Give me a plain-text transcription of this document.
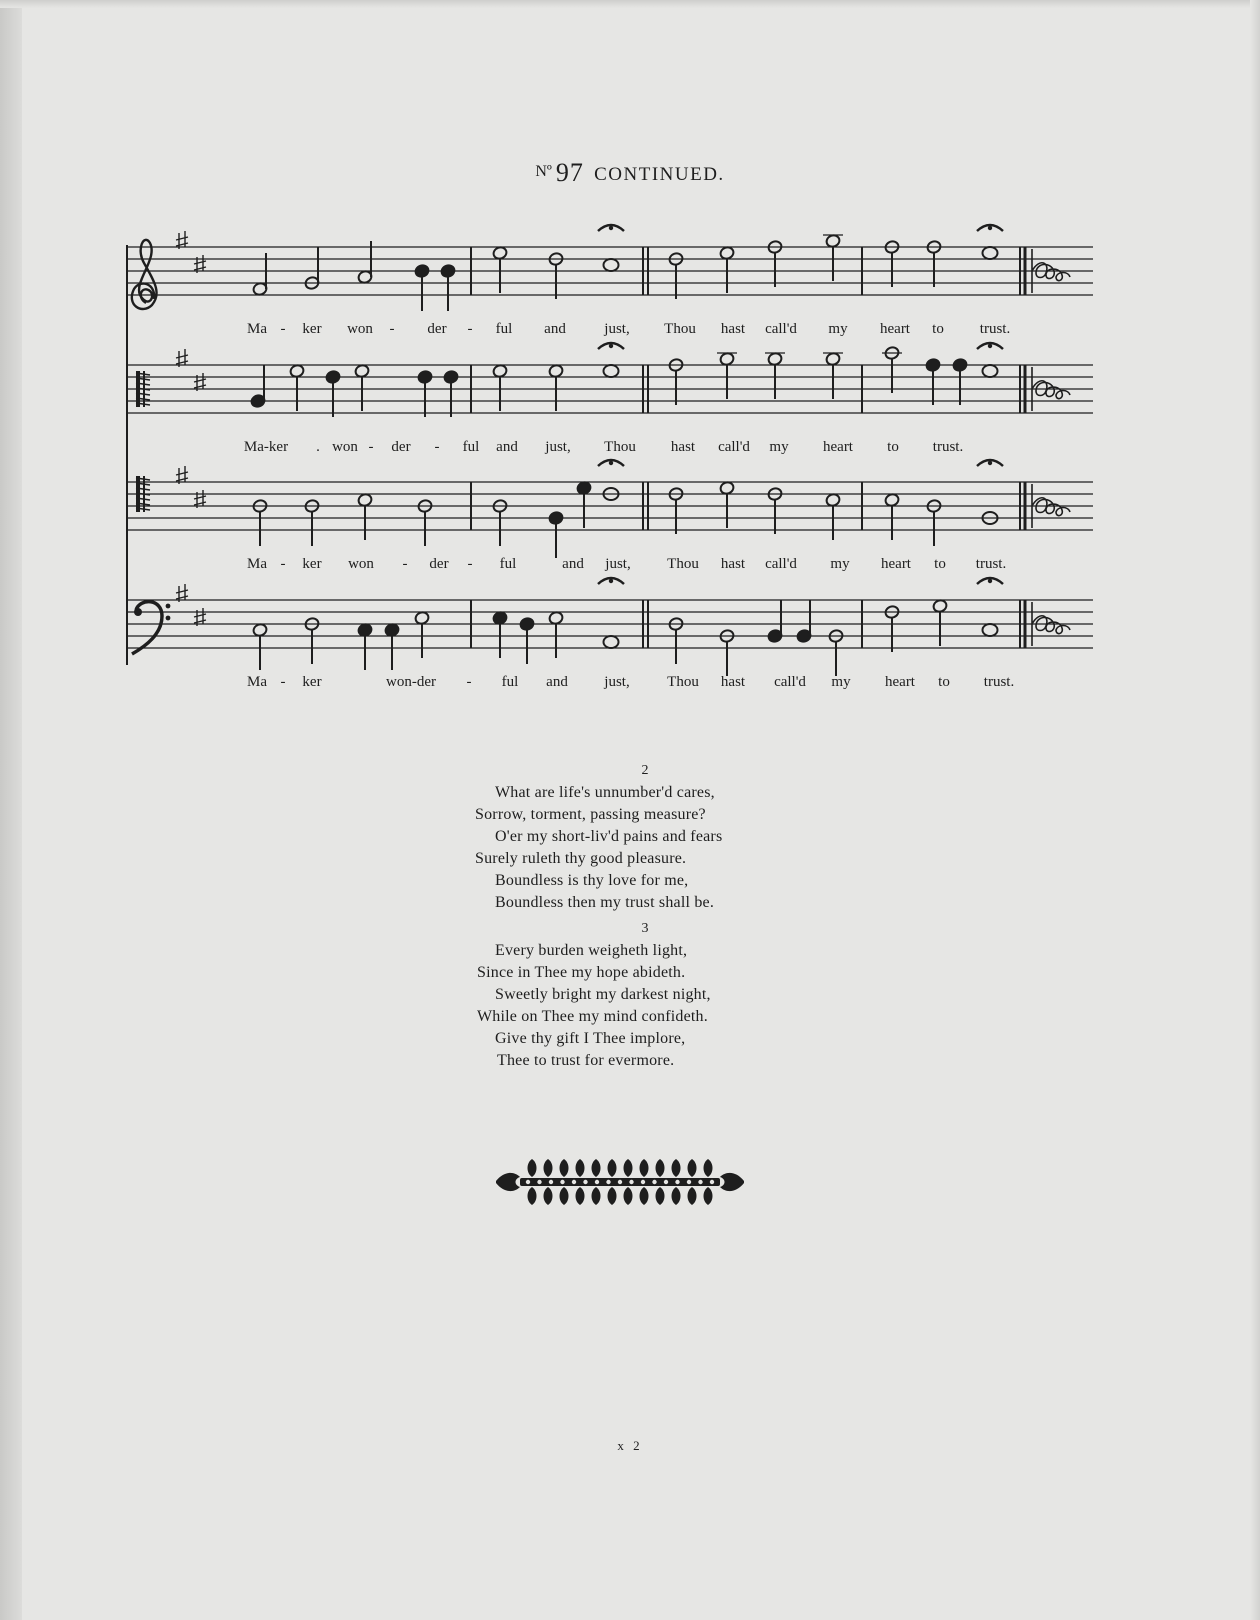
Nº 97 CONTINUED.
Ma - ker won - der - ful and	just, Thou hast call'd my heart to trust.
Ma-ker . won - der - ful and just, Thou hast call'd my heart to trust.
Ma - ker won - der - ful	and just, Thou hast call'd my heart to trust.
Ma - ker	won-der - ful and just, Thou hast call'd my heart to trust.
2
What are life's unnumber'd cares,
Sorrow, torment, passing measure?
O'er my short-liv'd pains and fears
Surely ruleth thy good pleasure.
Boundless is thy love for me,
Boundless then my trust shall be.
3
Every burden weigheth light,
Since in Thee my hope abideth.
Sweetly bright my darkest night,
While on Thee my mind confideth.
Give thy gift I Thee implore,
Thee to trust for evermore.
x 2
